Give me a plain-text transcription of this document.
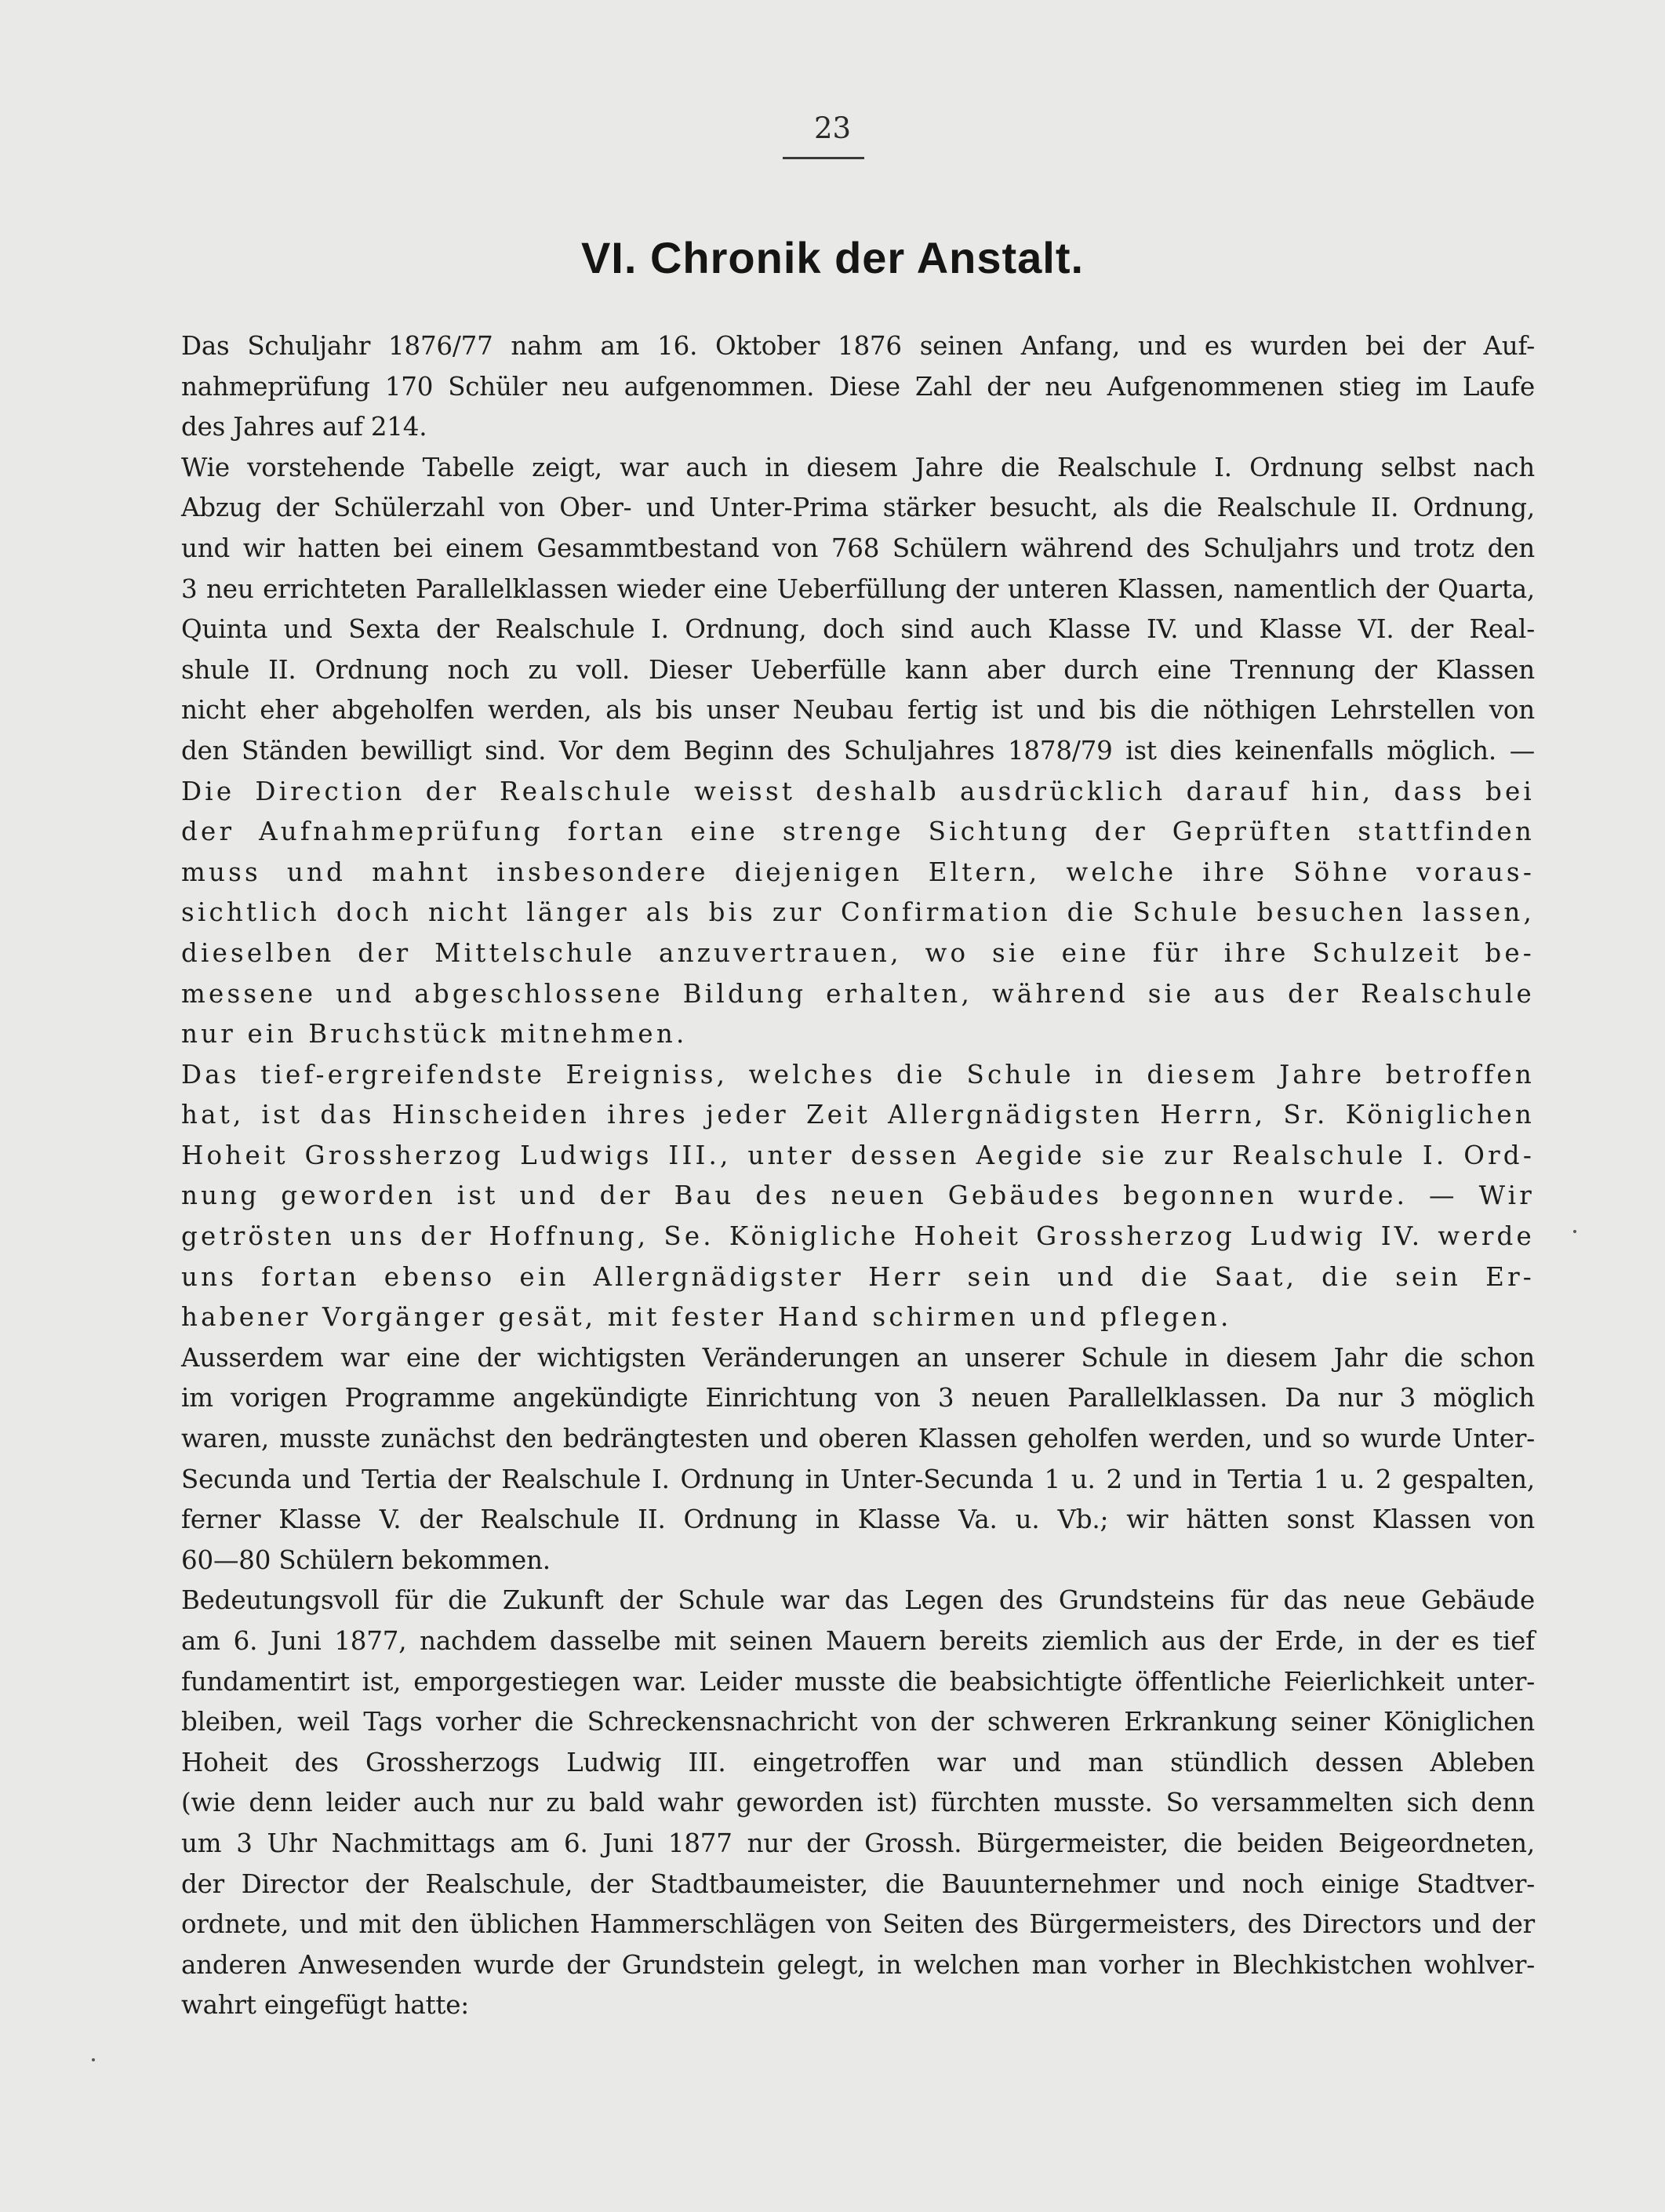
23
VI. Chronik der Anstalt.

Das Schuljahr 1876/77 nahm am 16. Oktober 1876 seinen Anfang, und es wurden bei der Auf-
nahmeprüfung 170 Schüler neu aufgenommen. Diese Zahl der neu Aufgenommenen stieg im Laufe
des Jahres auf 214.

Wie vorstehende Tabelle zeigt, war auch in diesem Jahre die Realschule I. Ordnung selbst nach
Abzug der Schülerzahl von Ober- und Unter-Prima stärker besucht, als die Realschule II. Ordnung,
und wir hatten bei einem Gesammtbestand von 768 Schülern während des Schuljahrs und trotz den
3 neu errichteten Parallelklassen wieder eine Ueberfüllung der unteren Klassen, namentlich der Quarta,
Quinta und Sexta der Realschule I. Ordnung, doch sind auch Klasse IV. und Klasse VI. der Real-
shule II. Ordnung noch zu voll. Dieser Ueberfülle kann aber durch eine Trennung der Klassen
nicht eher abgeholfen werden, als bis unser Neubau fertig ist und bis die nöthigen Lehrstellen von
den Ständen bewilligt sind. Vor dem Beginn des Schuljahres 1878/79 ist dies keinenfalls möglich. —
Die Direction der Realschule weisst deshalb ausdrücklich darauf hin, dass bei
der Aufnahmeprüfung fortan eine strenge Sichtung der Geprüften stattfinden
muss und mahnt insbesondere diejenigen Eltern, welche ihre Söhne voraus-
sichtlich doch nicht länger als bis zur Confirmation die Schule besuchen lassen,
dieselben der Mittelschule anzuvertrauen, wo sie eine für ihre Schulzeit be-
messene und abgeschlossene Bildung erhalten, während sie aus der Realschule
nur ein Bruchstück mitnehmen.

Das tief-ergreifendste Ereigniss, welches die Schule in diesem Jahre betroffen
hat, ist das Hinscheiden ihres jeder Zeit Allergnädigsten Herrn, Sr. Königlichen
Hoheit Grossherzog Ludwigs III., unter dessen Aegide sie zur Realschule I. Ord-
nung geworden ist und der Bau des neuen Gebäudes begonnen wurde. — Wir
getrösten uns der Hoffnung, Se. Königliche Hoheit Grossherzog Ludwig IV. werde
uns fortan ebenso ein Allergnädigster Herr sein und die Saat, die sein Er-
habener Vorgänger gesät, mit fester Hand schirmen und pflegen.

Ausserdem war eine der wichtigsten Veränderungen an unserer Schule in diesem Jahr die schon
im vorigen Programme angekündigte Einrichtung von 3 neuen Parallelklassen. Da nur 3 möglich
waren, musste zunächst den bedrängtesten und oberen Klassen geholfen werden, und so wurde Unter-
Secunda und Tertia der Realschule I. Ordnung in Unter-Secunda 1 u. 2 und in Tertia 1 u. 2 gespalten,
ferner Klasse V. der Realschule II. Ordnung in Klasse Va. u. Vb.; wir hätten sonst Klassen von
60—80 Schülern bekommen.

Bedeutungsvoll für die Zukunft der Schule war das Legen des Grundsteins für das neue Gebäude
am 6. Juni 1877, nachdem dasselbe mit seinen Mauern bereits ziemlich aus der Erde, in der es tief
fundamentirt ist, emporgestiegen war. Leider musste die beabsichtigte öffentliche Feierlichkeit unter-
bleiben, weil Tags vorher die Schreckensnachricht von der schweren Erkrankung seiner Königlichen
Hoheit des Grossherzogs Ludwig III. eingetroffen war und man stündlich dessen Ableben
(wie denn leider auch nur zu bald wahr geworden ist) fürchten musste. So versammelten sich denn
um 3 Uhr Nachmittags am 6. Juni 1877 nur der Grossh. Bürgermeister, die beiden Beigeordneten,
der Director der Realschule, der Stadtbaumeister, die Bauunternehmer und noch einige Stadtver-
ordnete, und mit den üblichen Hammerschlägen von Seiten des Bürgermeisters, des Directors und der
anderen Anwesenden wurde der Grundstein gelegt, in welchen man vorher in Blechkistchen wohlver-
wahrt eingefügt hatte:
